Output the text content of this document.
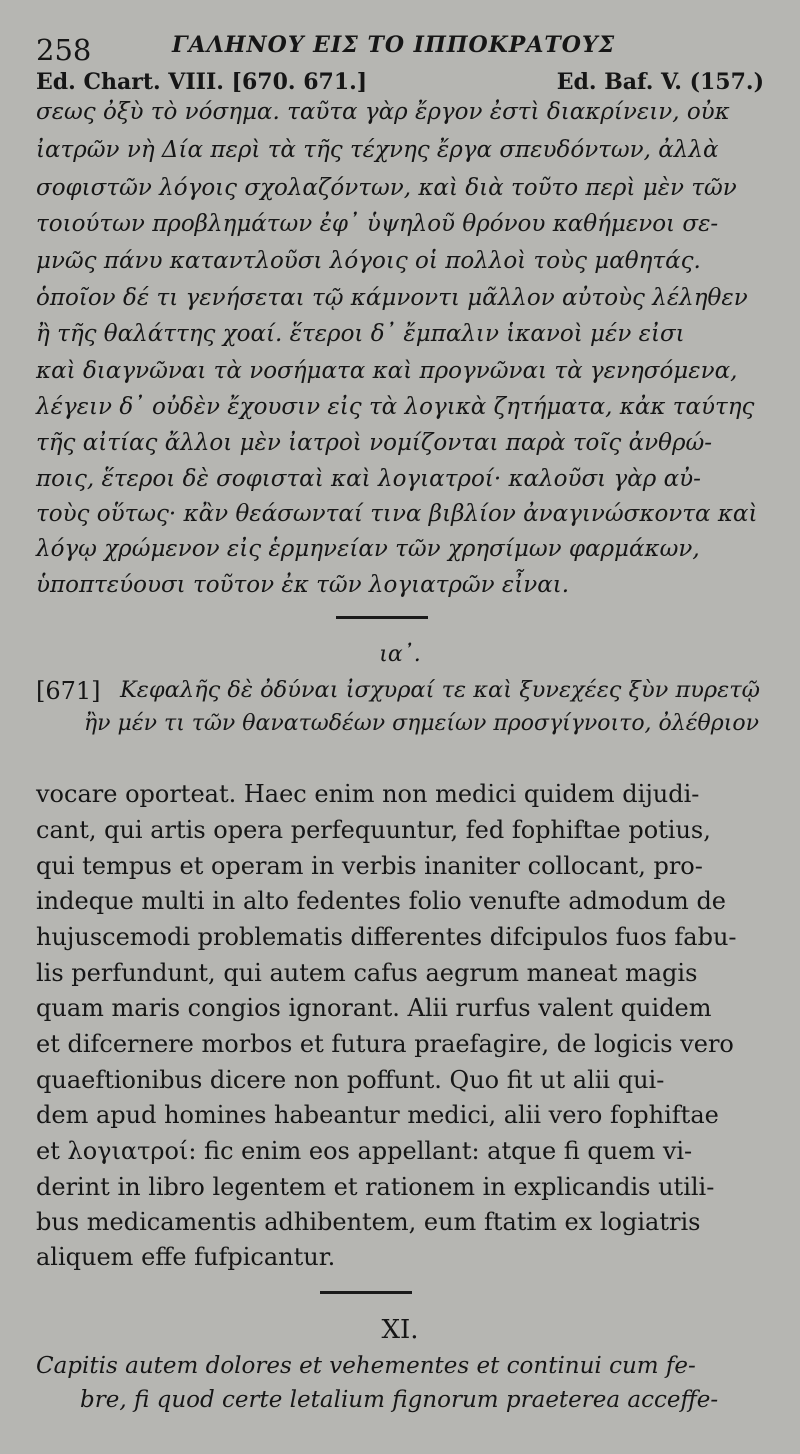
258	ΓΑΛΗΝΟΥ ΕΙΣ ΤΟ ΙΠΠΟΚΡΑΤΟΥΣ
Ed. Chart. VIII. [670. 671.]	Ed. Baf. V. (157.)
σεως ὀξὺ τὸ νόσημα. ταῦτα γὰρ ἔργον ἐστὶ διακρίνειν, οὐκ
ἰατρῶν νὴ Δία περὶ τὰ τῆς τέχνης ἔργα σπευδόντων, ἀλλὰ
σοφιστῶν λόγοις σχολαζόντων, καὶ διὰ τοῦτο περὶ μὲν τῶν
τοιούτων προβλημάτων ἐφ᾽ ὑψηλοῦ θρόνου καθήμενοι σε-
μνῶς πάνυ καταντλοῦσι λόγοις οἱ πολλοὶ τοὺς μαθητάς.
ὁποῖον δέ τι γενήσεται τῷ κάμνοντι μᾶλλον αὐτοὺς λέληθεν
ἢ τῆς θαλάττης χοαί. ἕτεροι δ᾽ ἔμπαλιν ἱκανοὶ μέν εἰσι
καὶ διαγνῶναι τὰ νοσήματα καὶ προγνῶναι τὰ γενησόμενα,
λέγειν δ᾽ οὐδὲν ἔχουσιν εἰς τὰ λογικὰ ζητήματα, κἀκ ταύτης
τῆς αἰτίας ἄλλοι μὲν ἰατροὶ νομίζονται παρὰ τοῖς ἀνθρώ-
ποις, ἕτεροι δὲ σοφισταὶ καὶ λογιατροί· καλοῦσι γὰρ αὐ-
τοὺς οὕτως· κἂν θεάσωνταί τινα βιβλίον ἀναγινώσκοντα καὶ
λόγῳ χρώμενον εἰς ἑρμηνείαν τῶν χρησίμων φαρμάκων,
ὑποπτεύουσι τοῦτον ἐκ τῶν λογιατρῶν εἶναι.
ια᾽.
[671] Κεφαλῆς δὲ ὀδύναι ἰσχυραί τε καὶ ξυνεχέες ξὺν πυρετῷ
ἢν μέν τι τῶν θανατωδέων σημείων προσγίγνοιτο, ὀλέθριον
vocare oporteat. Haec enim non medici quidem dijudi-
cant, qui artis opera perfequuntur, fed fophiftae potius,
qui tempus et operam in verbis inaniter collocant, pro-
indeque multi in alto fedentes folio venufte admodum de
hujuscemodi problematis differentes difcipulos fuos fabu-
lis perfundunt, qui autem cafus aegrum maneat magis
quam maris congios ignorant. Alii rurfus valent quidem
et difcernere morbos et futura praefagire, de logicis vero
quaeftionibus dicere non poffunt. Quo fit ut alii qui-
dem apud homines habeantur medici, alii vero fophiftae
et λογιατροί: fic enim eos appellant: atque fi quem vi-
derint in libro legentem et rationem in explicandis utili-
bus medicamentis adhibentem, eum ftatim ex logiatris
aliquem effe fufpicantur.
XI.
Capitis autem dolores et vehementes et continui cum fe-
bre, fi quod certe letalium fignorum praeterea acceffe-
